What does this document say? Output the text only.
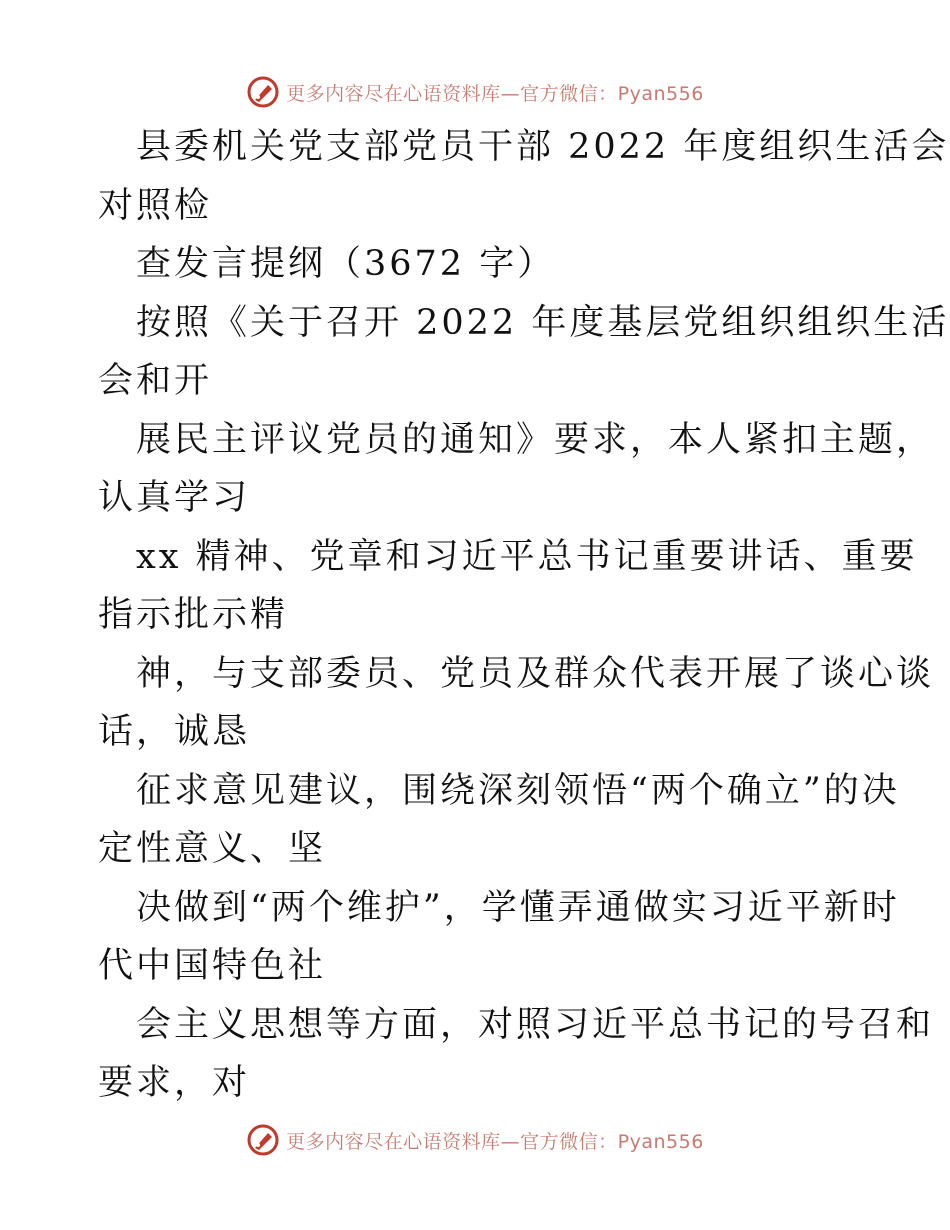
更多内容尽在心语资料库—官方微信：Pyan556
县委机关党支部党员干部 2022 年度组织生活会
对照检
查发言提纲（3672 字）
按照《关于召开 2022 年度基层党组织组织生活
会和开
展民主评议党员的通知》要求，本人紧扣主题，
认真学习
xx 精神、党章和习近平总书记重要讲话、重要
指示批示精
神，与支部委员、党员及群众代表开展了谈心谈
话，诚恳
征求意见建议，围绕深刻领悟“两个确立”的决
定性意义、坚
决做到“两个维护”，学懂弄通做实习近平新时
代中国特色社
会主义思想等方面，对照习近平总书记的号召和
要求，对
更多内容尽在心语资料库—官方微信：Pyan556
